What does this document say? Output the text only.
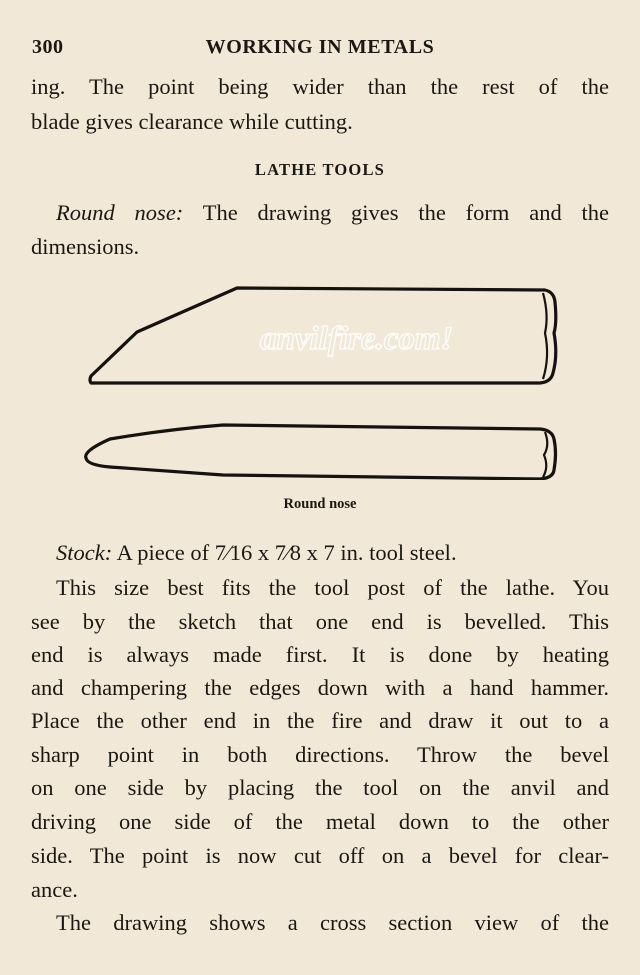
300	WORKING IN METALS
ing. The point being wider than the rest of the
blade gives clearance while cutting.
LATHE TOOLS
Round nose: The drawing gives the form and the
dimensions.
anvilfire.com!
Round nose
Stock: A piece of 7⁄16 x 7⁄8 x 7 in. tool steel.
This size best fits the tool post of the lathe. You
see by the sketch that one end is bevelled. This
end is always made first. It is done by heating
and champering the edges down with a hand hammer.
Place the other end in the fire and draw it out to a
sharp point in both directions. Throw the bevel
on one side by placing the tool on the anvil and
driving one side of the metal down to the other
side. The point is now cut off on a bevel for clear-
ance.
The drawing shows a cross section view of the
